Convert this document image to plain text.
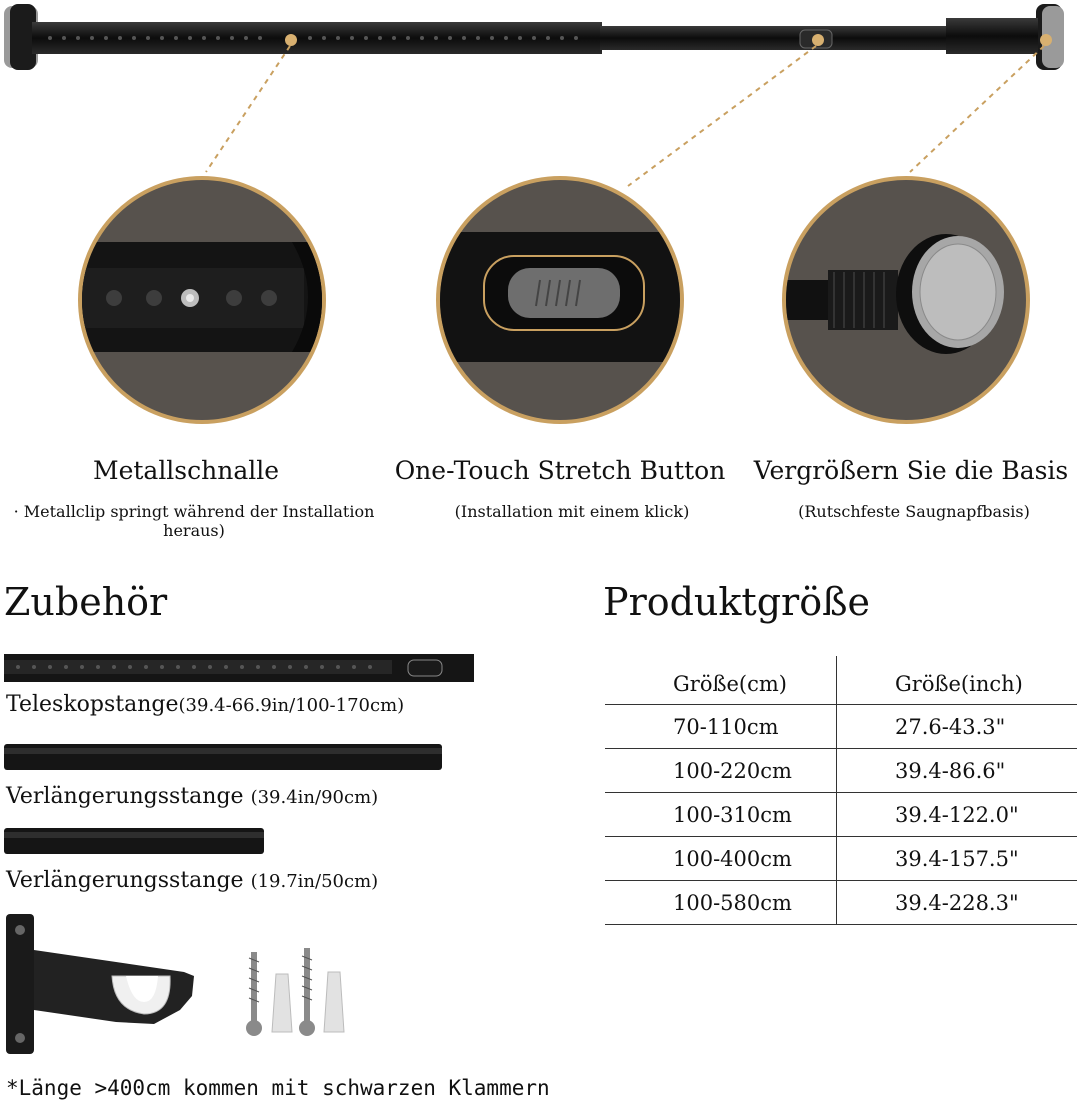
Metallschnalle
· Metallclip springt während der Installation heraus)
One-Touch Stretch Button
(Installation mit einem klick)
Vergrößern Sie die Basis
(Rutschfeste Saugnapfbasis)
Zubehör
Teleskopstange(39.4-66.9in/100-170cm)
Verlängerungsstange (39.4in/90cm)
Verlängerungsstange (19.7in/50cm)
Produktgröße
Größe(cm)	Größe(inch)
70-110cm	27.6-43.3"
100-220cm	39.4-86.6"
100-310cm	39.4-122.0"
100-400cm	39.4-157.5"
100-580cm	39.4-228.3"
*Länge >400cm kommen mit schwarzen Klammern
